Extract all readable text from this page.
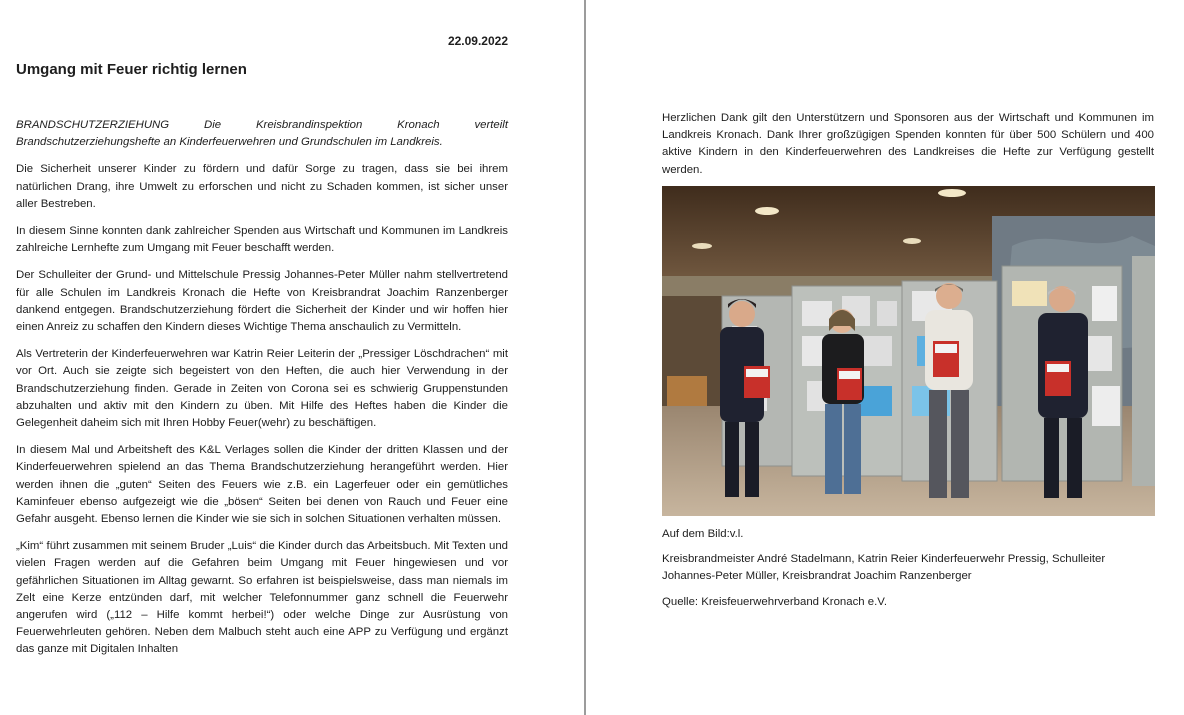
22.09.2022
Umgang mit Feuer richtig lernen

BRANDSCHUTZERZIEHUNG Die Kreisbrandinspektion Kronach verteilt Brandschutzerziehungshefte an Kinderfeuerwehren und Grundschulen im Landkreis.

Die Sicherheit unserer Kinder zu fördern und dafür Sorge zu tragen, dass sie bei ihrem natürlichen Drang, ihre Umwelt zu erforschen und nicht zu Schaden kommen, ist sicher unser aller Bestreben.

In diesem Sinne konnten dank zahlreicher Spenden aus Wirtschaft und Kommunen im Landkreis zahlreiche Lernhefte zum Umgang mit Feuer beschafft werden.

Der Schulleiter der Grund- und Mittelschule Pressig Johannes-Peter Müller nahm stellvertretend für alle Schulen im Landkreis Kronach die Hefte von Kreisbrandrat Joachim Ranzenberger dankend entgegen. Brandschutzerziehung fördert die Sicherheit der Kinder und wir hoffen hier einen Anreiz zu schaffen den Kindern dieses Wichtige Thema anschaulich zu Vermitteln.

Als Vertreterin der Kinderfeuerwehren war Katrin Reier Leiterin der „Pressiger Löschdrachen“ mit vor Ort. Auch sie zeigte sich begeistert von den Heften, die auch hier Verwendung in der Brandschutzerziehung finden. Gerade in Zeiten von Corona sei es schwierig Gruppenstunden abzuhalten und aktiv mit den Kindern zu üben. Mit Hilfe des Heftes haben die Kinder die Gelegenheit daheim sich mit Ihren Hobby Feuer(wehr) zu beschäftigen.

In diesem Mal und Arbeitsheft des K&L Verlages sollen die Kinder der dritten Klassen und der Kinderfeuerwehren spielend an das Thema Brandschutzerziehung herangeführt werden. Hier werden ihnen die „guten“ Seiten des Feuers wie z.B. ein Lagerfeuer oder ein gemütliches Kaminfeuer ebenso aufgezeigt wie die „bösen“ Seiten bei denen von Rauch und Feuer eine Gefahr ausgeht. Ebenso lernen die Kinder wie sie sich in solchen Situationen verhalten müssen.

„Kim“ führt zusammen mit seinem Bruder „Luis“ die Kinder durch das Arbeitsbuch. Mit Texten und vielen Fragen werden auf die Gefahren beim Umgang mit Feuer hingewiesen und vor gefährlichen Situationen im Alltag gewarnt. So erfahren ist beispielsweise, dass man niemals im Zelt eine Kerze entzünden darf, mit welcher Telefonnummer ganz schnell die Feuerwehr angerufen wird („112 – Hilfe kommt herbei!“) oder welche Dinge zur Ausrüstung von Feuerwehrleuten gehören. Neben dem Malbuch steht auch eine APP zu Verfügung und ergänzt das ganze mit Digitalen Inhalten

Herzlichen Dank gilt den Unterstützern und Sponsoren aus der Wirtschaft und Kommunen im Landkreis Kronach. Dank Ihrer großzügigen Spenden konnten für über 500 Schülern und 400 aktive Kindern in den Kinderfeuerwehren des Landkreises die Hefte zur Verfügung gestellt werden.

Auf dem Bild:v.l.

Kreisbrandmeister André Stadelmann, Katrin Reier Kinderfeuerwehr Pressig, Schulleiter Johannes-Peter Müller, Kreisbrandrat Joachim Ranzenberger

Quelle: Kreisfeuerwehrverband Kronach e.V.
